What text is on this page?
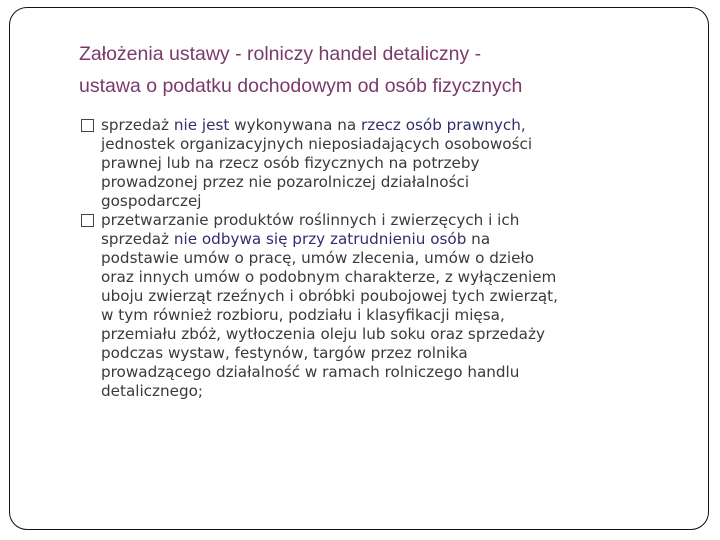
Założenia ustawy - rolniczy handel detaliczny -
ustawa o podatku dochodowym od osób fizycznych
sprzedaż nie jest wykonywana na rzecz osób prawnych,
jednostek organizacyjnych nieposiadających osobowości
prawnej lub na rzecz osób fizycznych na potrzeby
prowadzonej przez nie pozarolniczej działalności
gospodarczej
przetwarzanie produktów roślinnych i zwierzęcych i ich
sprzedaż nie odbywa się przy zatrudnieniu osób na
podstawie umów o pracę, umów zlecenia, umów o dzieło
oraz innych umów o podobnym charakterze, z wyłączeniem
uboju zwierząt rzeźnych i obróbki poubojowej tych zwierząt,
w tym również rozbioru, podziału i klasyfikacji mięsa,
przemiału zbóż, wytłoczenia oleju lub soku oraz sprzedaży
podczas wystaw, festynów, targów przez rolnika
prowadzącego działalność w ramach rolniczego handlu
detalicznego;
